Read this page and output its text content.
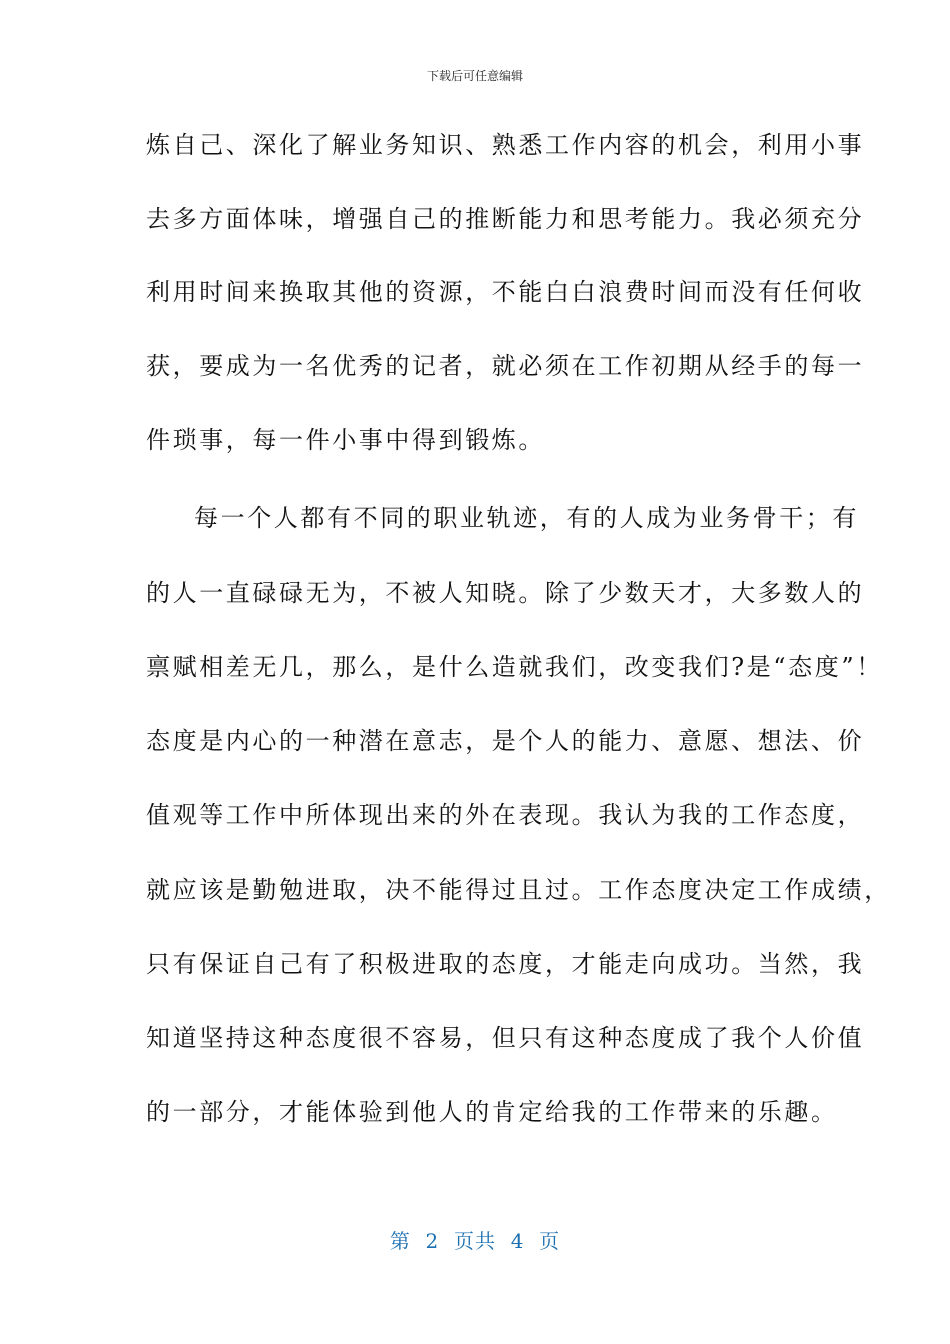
下载后可任意编辑
炼自己、深化了解业务知识、熟悉工作内容的机会，利用小事
去多方面体味，增强自己的推断能力和思考能力。我必须充分
利用时间来换取其他的资源，不能白白浪费时间而没有任何收
获，要成为一名优秀的记者，就必须在工作初期从经手的每一
件琐事，每一件小事中得到锻炼。
每一个人都有不同的职业轨迹，有的人成为业务骨干；有
的人一直碌碌无为，不被人知晓。除了少数天才，大多数人的
禀赋相差无几，那么，是什么造就我们，改变我们?是“态度”！
态度是内心的一种潜在意志，是个人的能力、意愿、想法、价
值观等工作中所体现出来的外在表现。我认为我的工作态度，
就应该是勤勉进取，决不能得过且过。工作态度决定工作成绩，
只有保证自己有了积极进取的态度，才能走向成功。当然，我
知道坚持这种态度很不容易，但只有这种态度成了我个人价值
的一部分，才能体验到他人的肯定给我的工作带来的乐趣。
第  2  页共  4  页
